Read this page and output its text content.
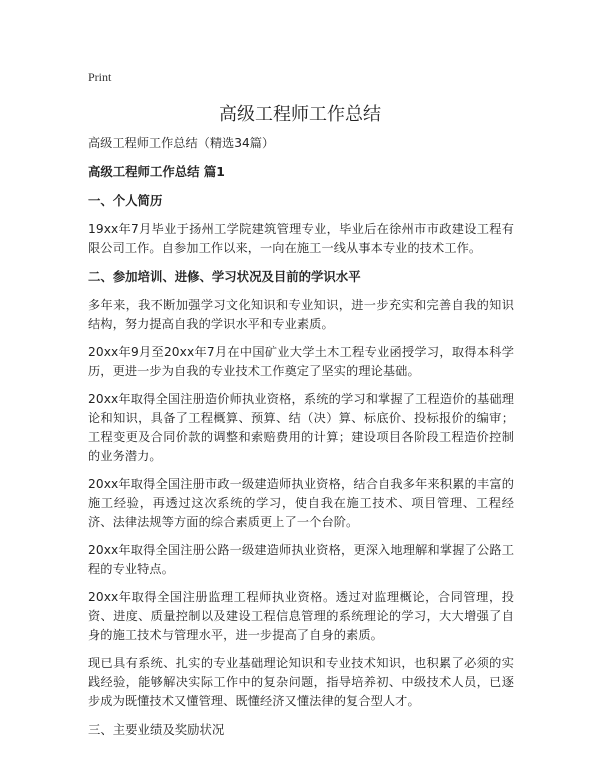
Print
高级工程师工作总结
高级工程师工作总结（精选34篇）
高级工程师工作总结 篇1
一、个人简历
19xx年7月毕业于扬州工学院建筑管理专业，毕业后在徐州市市政建设工程有限公司工作。自参加工作以来，一向在施工一线从事本专业的技术工作。
二、参加培训、进修、学习状况及目前的学识水平
多年来，我不断加强学习文化知识和专业知识，进一步充实和完善自我的知识结构，努力提高自我的学识水平和专业素质。
20xx年9月至20xx年7月在中国矿业大学土木工程专业函授学习，取得本科学历，更进一步为自我的专业技术工作奠定了坚实的理论基础。
20xx年取得全国注册造价师执业资格，系统的学习和掌握了工程造价的基础理论和知识，具备了工程概算、预算、结（决）算、标底价、投标报价的编审；工程变更及合同价款的调整和索赔费用的计算；建设项目各阶段工程造价控制的业务潜力。
20xx年取得全国注册市政一级建造师执业资格，结合自我多年来积累的丰富的施工经验，再透过这次系统的学习，使自我在施工技术、项目管理、工程经济、法律法规等方面的综合素质更上了一个台阶。
20xx年取得全国注册公路一级建造师执业资格，更深入地理解和掌握了公路工程的专业特点。
20xx年取得全国注册监理工程师执业资格。透过对监理概论，合同管理，投资、进度、质量控制以及建设工程信息管理的系统理论的学习，大大增强了自身的施工技术与管理水平，进一步提高了自身的素质。
现已具有系统、扎实的专业基础理论知识和专业技术知识，也积累了必须的实践经验，能够解决实际工作中的复杂问题，指导培养初、中级技术人员，已逐步成为既懂技术又懂管理、既懂经济又懂法律的复合型人才。
三、主要业绩及奖励状况
